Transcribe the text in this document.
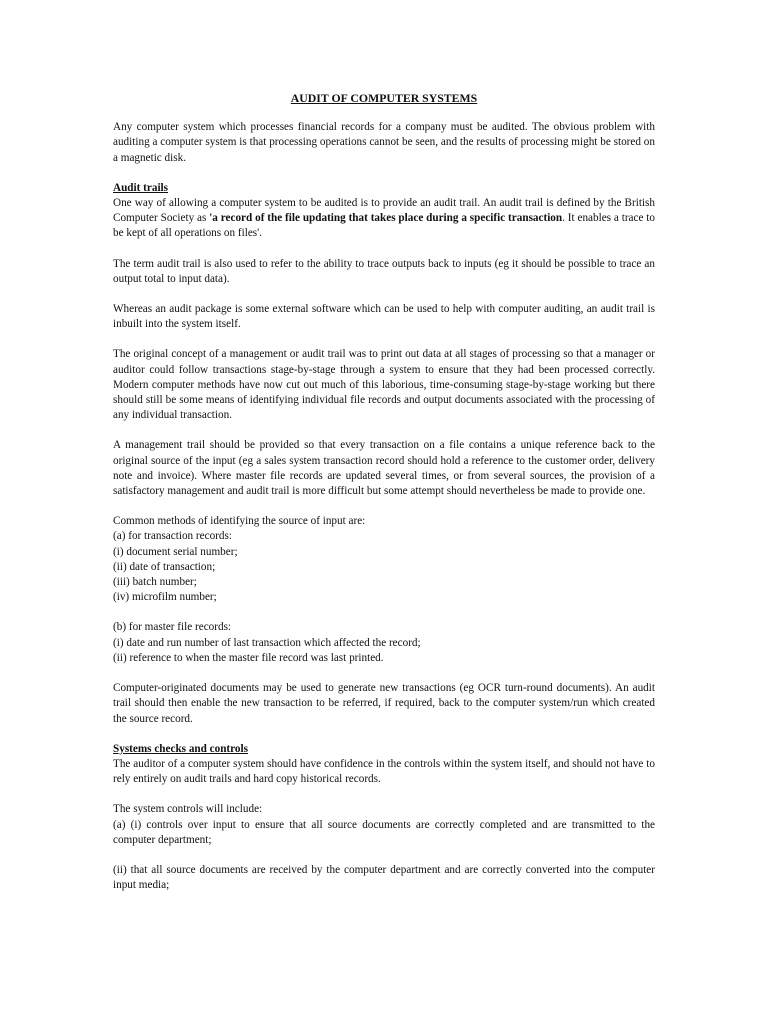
AUDIT OF COMPUTER SYSTEMS

Any computer system which processes financial records for a company must be audited. The obvious problem with auditing a computer system is that processing operations cannot be seen, and the results of processing might be stored on a magnetic disk.

Audit trails

One way of allowing a computer system to be audited is to provide an audit trail. An audit trail is defined by the British Computer Society as 'a record of the file updating that takes place during a specific transaction. It enables a trace to be kept of all operations on files'.

The term audit trail is also used to refer to the ability to trace outputs back to inputs (eg it should be possible to trace an output total to input data).

Whereas an audit package is some external software which can be used to help with computer auditing, an audit trail is inbuilt into the system itself.

The original concept of a management or audit trail was to print out data at all stages of processing so that a manager or auditor could follow transactions stage-by-stage through a system to ensure that they had been processed correctly. Modern computer methods have now cut out much of this laborious, time-consuming stage-by-stage working but there should still be some means of identifying individual file records and output documents associated with the processing of any individual transaction.

A management trail should be provided so that every transaction on a file contains a unique reference back to the original source of the input (eg a sales system transaction record should hold a reference to the customer order, delivery note and invoice). Where master file records are updated several times, or from several sources, the provision of a satisfactory management and audit trail is more difficult but some attempt should nevertheless be made to provide one.

Common methods of identifying the source of input are:

(a) for transaction records:
(i) document serial number;
(ii) date of transaction;
(iii) batch number;
(iv) microfilm number;
(b) for master file records:
(i) date and run number of last transaction which affected the record;
(ii) reference to when the master file record was last printed.

Computer-originated documents may be used to generate new transactions (eg OCR turn-round documents). An audit trail should then enable the new transaction to be referred, if required, back to the computer system/run which created the source record.

Systems checks and controls

The auditor of a computer system should have confidence in the controls within the system itself, and should not have to rely entirely on audit trails and hard copy historical records.

The system controls will include:

(a) (i) controls over input to ensure that all source documents are correctly completed and are transmitted to the computer department;

(ii) that all source documents are received by the computer department and are correctly converted into the computer input media;
